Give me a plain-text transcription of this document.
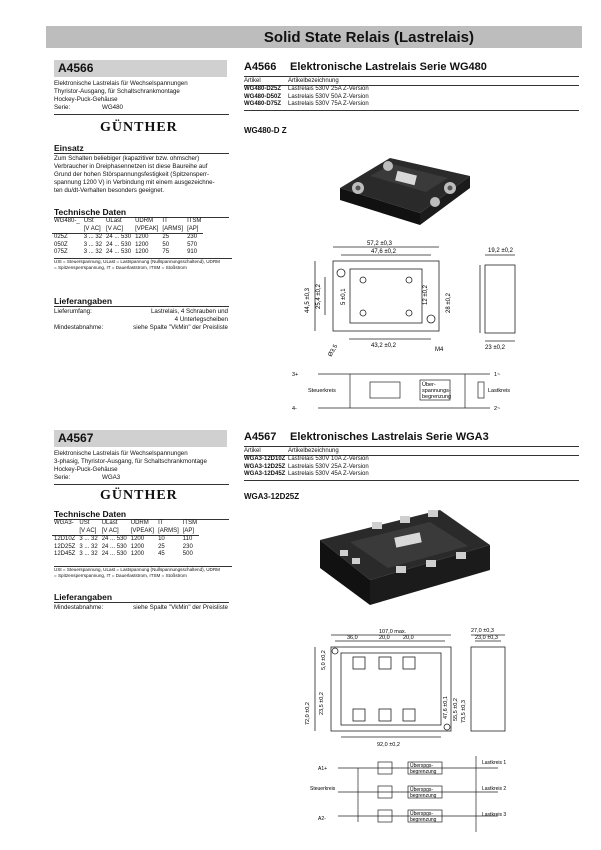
Solid State Relais (Lastrelais)
A4566
Elektronische Lastrelais für Wechselspannungen
Thyristor-Ausgang, für Schaltschrankmontage
Hockey-Puck-Gehäuse
Serie:	WG480
GÜNTHER
Einsatz
Zum Schalten beliebiger (kapazitiver bzw. ohmscher)
Verbraucher in Dreiphasennetzen ist diese Baureihe auf
Grund der hohen Störspannungsfestigkeit (Spitzensperr-
spannung 1200 V) in Verbindung mit einem ausgezeichne-
ten du/dt-Verhalten besonders geeignet.
Technische Daten
WG480-_	USt	ULast	UDRM	IT	ITSM
	[V AC]	[V AC]	[VPEAK]	[ARMS]	[AP]
025Z	3 ... 32	24 ... 530	1200	25	230
050Z	3 ... 32	24 ... 530	1200	50	570
075Z	3 ... 32	24 ... 530	1200	75	910
USt = Steuerspannung, ULast = Lastspannung (Nullspannungsschaltend), UDRM
= Spitzensperrspannung, IT = Dauerlaststrom, ITSM = Stoßstrom
Lieferangaben
Lieferumfang:	Lastrelais, 4 Schrauben und
4 Unterlegscheiben
Mindestabnahme:	siehe Spalte "VkMin" der Preisliste
A4566 Elektronische Lastrelais Serie WG480
Artikel	Artikelbezeichnung
WG480-D25Z Lastrelais 530V 25A Z-Version
WG480-D50Z Lastrelais 530V 50A Z-Version
WG480-D75Z Lastrelais 530V 75A Z-Version
WG480-D Z
57,2 ±0,3
47,6 ±0,2	19,2 ±0,2
44,5 ±0,3 25,4 ±0,2	5 ±0,1	12 ±0,2	28 ±0,2
43,2 ±0,2
Ø3,5	M4	23 ±0,2
3+
4-
Steuerkreis
Über-
spannungs-
begrenzung
Lastkreis
1~
2~
A4567
Elektronische Lastrelais für Wechselspannungen
3-phasig, Thyristor-Ausgang, für Schaltschrankmontage
Hockey-Puck-Gehäuse
Serie:	WGA3
GÜNTHER
Technische Daten
WGA3-	USt	ULast	UDRM	IT	ITSM
	[V AC]	[V AC]	[VPEAK]	[ARMS]	[AP]
12D10Z	3 ... 32	24 ... 530	1200	10	110
12D25Z	3 ... 32	24 ... 530	1200	25	230
12D45Z	3 ... 32	24 ... 530	1200	45	500
USt = Steuerspannung, ULast = Lastspannung (Nullspannungsschaltend), UDRM
= Spitzensperrspannung, IT = Dauerlaststrom, ITSM = Stoßstrom
Lieferangaben
Mindestabnahme:	siehe Spalte "VkMin" der Preisliste
A4567 Elektronisches Lastrelais Serie WGA3
Artikel	Artikelbezeichnung
WGA3-12D10Z Lastrelais 530V 10A Z-Version
WGA3-12D25Z Lastrelais 530V 25A Z-Version
WGA3-12D45Z Lastrelais 530V 45A Z-Version
WGA3-12D25Z
107,0 max.
36,0	20,0 20,0
27,0 ±0,3
23,0 ±0,3
5,0 ±0,2
72,0 ±0,2 23,5 ±0,2	47,6 ±0,1 55,5 ±0,2 73,5 ±0,3
92,0 ±0,2
A1+
Steuerkreis
A2-
Überspgs-
begrenzung
Überspgs-
begrenzung
Überspgs-
begrenzung
Lastkreis 1
Lastkreis 2
Lastkreis 3
